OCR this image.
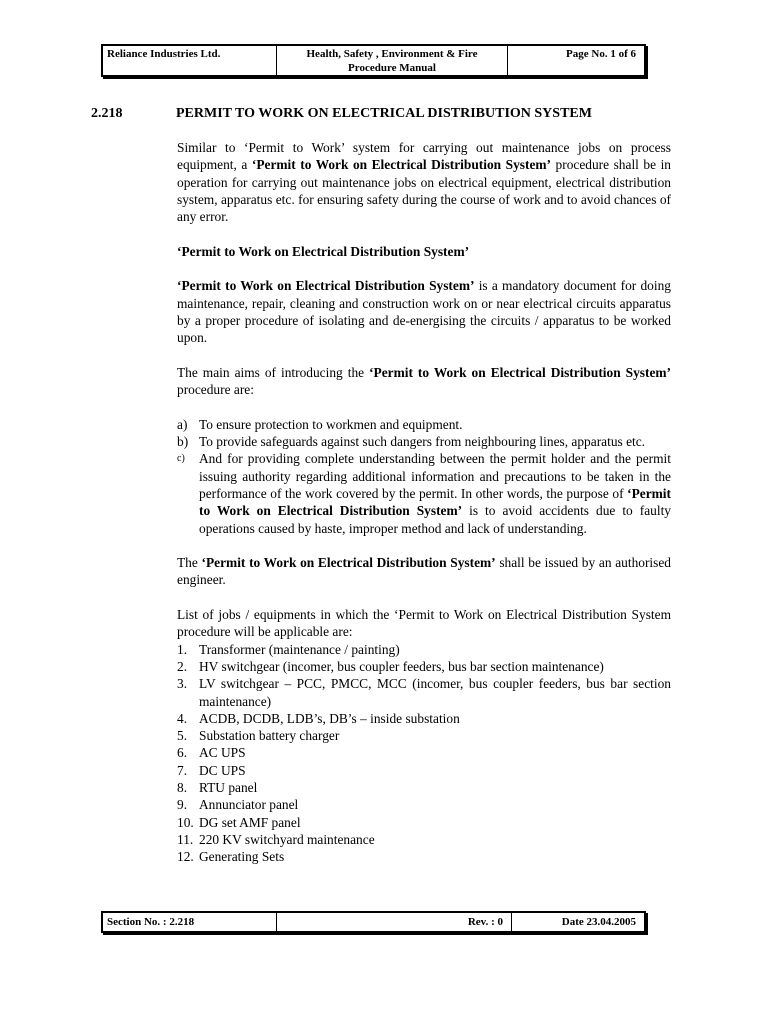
Reliance Industries Ltd.	Health, Safety , Environment & Fire Procedure Manual	Page No. 1 of 6
2.218	PERMIT TO WORK ON ELECTRICAL DISTRIBUTION SYSTEM

Similar to ‘Permit to Work’ system for carrying out maintenance jobs on process equipment, a ‘Permit to Work on Electrical Distribution System’ procedure shall be in operation for carrying out maintenance jobs on electrical equipment, electrical distribution system, apparatus etc. for ensuring safety during the course of work and to avoid chances of any error.

‘Permit to Work on Electrical Distribution System’

‘Permit to Work on Electrical Distribution System’ is a mandatory document for doing maintenance, repair, cleaning and construction work on or near electrical circuits apparatus by a proper procedure of isolating and de-energising the circuits / apparatus to be worked upon.

The main aims of introducing the ‘Permit to Work on Electrical Distribution System’ procedure are:

a) To ensure protection to workmen and equipment.
b) To provide safeguards against such dangers from neighbouring lines, apparatus etc.
c) And for providing complete understanding between the permit holder and the permit issuing authority regarding additional information and precautions to be taken in the performance of the work covered by the permit. In other words, the purpose of ‘Permit to Work on Electrical Distribution System’ is to avoid accidents due to faulty operations caused by haste, improper method and lack of understanding.

The ‘Permit to Work on Electrical Distribution System’ shall be issued by an authorised engineer.

List of jobs / equipments in which the ‘Permit to Work on Electrical Distribution System procedure will be applicable are:

1. Transformer (maintenance / painting)
2. HV switchgear (incomer, bus coupler feeders, bus bar section maintenance)
3. LV switchgear – PCC, PMCC, MCC (incomer, bus coupler feeders, bus bar section maintenance)
4. ACDB, DCDB, LDB’s, DB’s – inside substation
5. Substation battery charger
6. AC UPS
7. DC UPS
8. RTU panel
9. Annunciator panel
10. DG set AMF panel
11. 220 KV switchyard maintenance
12. Generating Sets
Section No. : 2.218	Rev. : 0	Date 23.04.2005
